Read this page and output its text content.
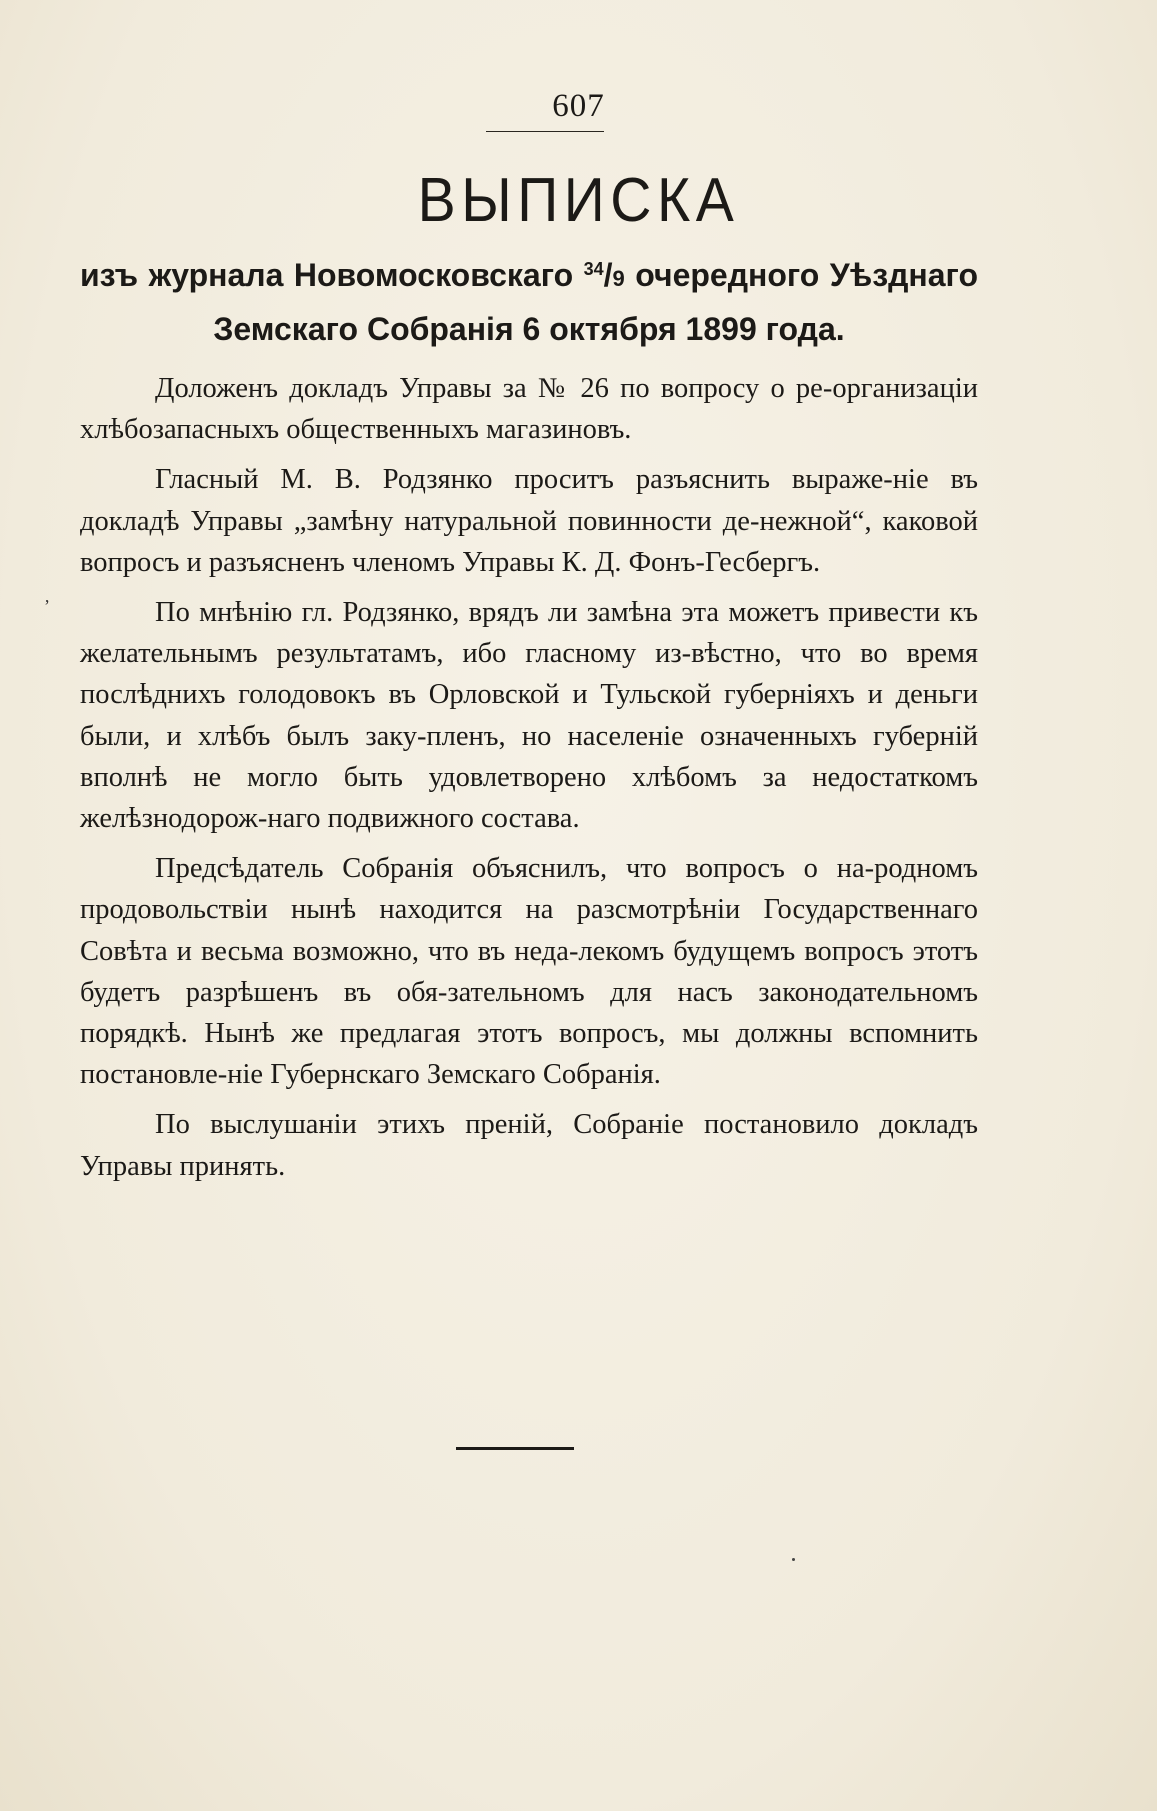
607
ВЫПИСКА
изъ журнала Новомосковскаго $^{34}$/9 очередного Уѣзднаго
Земскаго Собранія 6 октября 1899 года.

Доложенъ докладъ Управы за № 26 по вопросу о ре-организаціи хлѣбозапасныхъ общественныхъ магазиновъ.

Гласный М. В. Родзянко проситъ разъяснить выраже-ніе въ докладѣ Управы „замѣну натуральной повинности де-нежной“, каковой вопросъ и разъясненъ членомъ Управы К. Д. Фонъ-Гесбергъ.

По мнѣнію гл. Родзянко, врядъ ли замѣна эта можетъ привести къ желательнымъ результатамъ, ибо гласному из-вѣстно, что во время послѣднихъ голодовокъ въ Орловской и Тульской губерніяхъ и деньги были, и хлѣбъ былъ заку-пленъ, но населеніе означенныхъ губерній вполнѣ не могло быть удовлетворено хлѣбомъ за недостаткомъ желѣзнодорож-наго подвижного состава.

Предсѣдатель Собранія объяснилъ, что вопросъ о на-родномъ продовольствіи нынѣ находится на разсмотрѣніи Государственнаго Совѣта и весьма возможно, что въ неда-лекомъ будущемъ вопросъ этотъ будетъ разрѣшенъ въ обя-зательномъ для насъ законодательномъ порядкѣ. Нынѣ же предлагая этотъ вопросъ, мы должны вспомнить постановле-ніе Губернскаго Земскаго Собранія.

По выслушаніи этихъ преній, Собраніе постановило докладъ Управы принять.

’
